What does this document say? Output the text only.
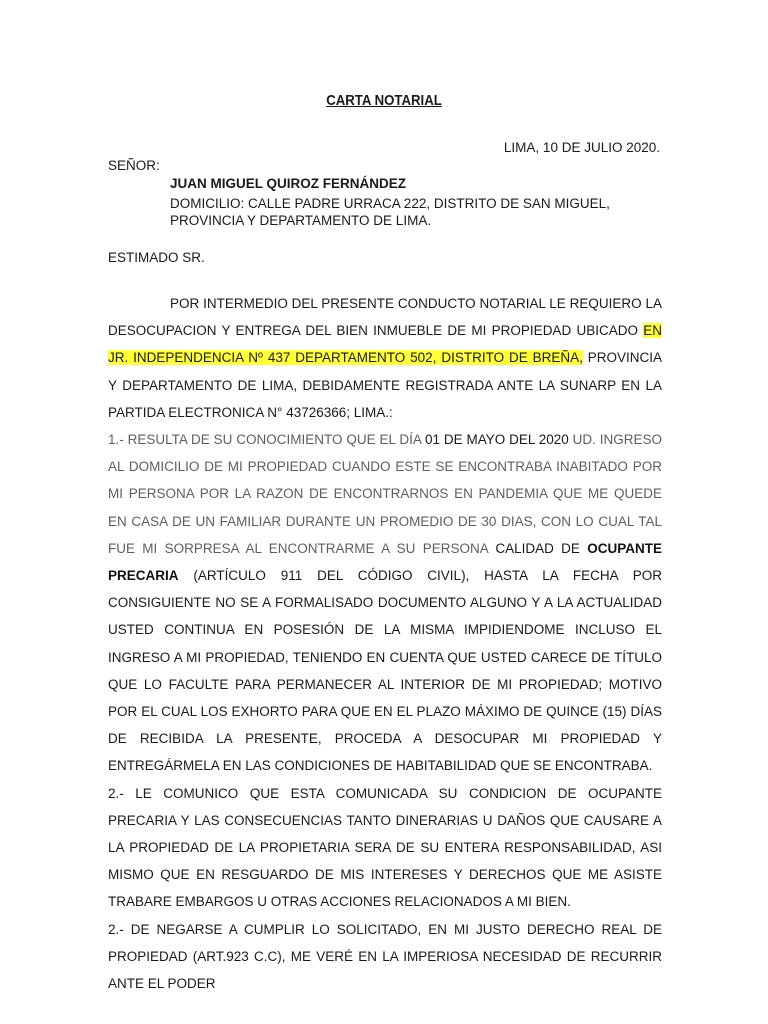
CARTA NOTARIAL
LIMA, 10 DE JULIO 2020.
SEÑOR:
JUAN MIGUEL QUIROZ FERNÁNDEZ
DOMICILIO: CALLE PADRE URRACA 222, DISTRITO DE SAN MIGUEL, PROVINCIA Y DEPARTAMENTO DE LIMA.
ESTIMADO SR.

POR INTERMEDIO DEL PRESENTE CONDUCTO NOTARIAL LE REQUIERO LA DESOCUPACION Y ENTREGA DEL BIEN INMUEBLE DE MI PROPIEDAD UBICADO EN JR. INDEPENDENCIA Nº 437 DEPARTAMENTO 502, DISTRITO DE BREÑA, PROVINCIA Y DEPARTAMENTO DE LIMA, DEBIDAMENTE REGISTRADA ANTE LA SUNARP EN LA PARTIDA ELECTRONICA N° 43726366; LIMA.:

1.- RESULTA DE SU CONOCIMIENTO QUE EL DÍA 01 DE MAYO DEL 2020 UD. INGRESO AL DOMICILIO DE MI PROPIEDAD CUANDO ESTE SE ENCONTRABA INABITADO POR MI PERSONA POR LA RAZON DE ENCONTRARNOS EN PANDEMIA QUE ME QUEDE EN CASA DE UN FAMILIAR DURANTE UN PROMEDIO DE 30 DIAS, CON LO CUAL TAL FUE MI SORPRESA AL ENCONTRARME A SU PERSONA CALIDAD DE OCUPANTE PRECARIA (ARTÍCULO 911 DEL CÓDIGO CIVIL), HASTA LA FECHA POR CONSIGUIENTE NO SE A FORMALISADO DOCUMENTO ALGUNO Y A LA ACTUALIDAD USTED CONTINUA EN POSESIÓN DE LA MISMA IMPIDIENDOME INCLUSO EL INGRESO A MI PROPIEDAD, TENIENDO EN CUENTA QUE USTED CARECE DE TÍTULO QUE LO FACULTE PARA PERMANECER AL INTERIOR DE MI PROPIEDAD; MOTIVO POR EL CUAL LOS EXHORTO PARA QUE EN EL PLAZO MÁXIMO DE QUINCE (15) DÍAS DE RECIBIDA LA PRESENTE, PROCEDA A DESOCUPAR MI PROPIEDAD Y ENTREGÁRMELA EN LAS CONDICIONES DE HABITABILIDAD QUE SE ENCONTRABA.

2.- LE COMUNICO QUE ESTA COMUNICADA SU CONDICION DE OCUPANTE PRECARIA Y LAS CONSECUENCIAS TANTO DINERARIAS U DAÑOS QUE CAUSARE A LA PROPIEDAD DE LA PROPIETARIA SERA DE SU ENTERA RESPONSABILIDAD, ASI MISMO QUE EN RESGUARDO DE MIS INTERESES Y DERECHOS QUE ME ASISTE TRABARE EMBARGOS U OTRAS ACCIONES RELACIONADOS A MI BIEN.

2.- DE NEGARSE A CUMPLIR LO SOLICITADO, EN MI JUSTO DERECHO REAL DE PROPIEDAD (ART.923 C.C), ME VERÉ EN LA IMPERIOSA NECESIDAD DE RECURRIR ANTE EL PODER
